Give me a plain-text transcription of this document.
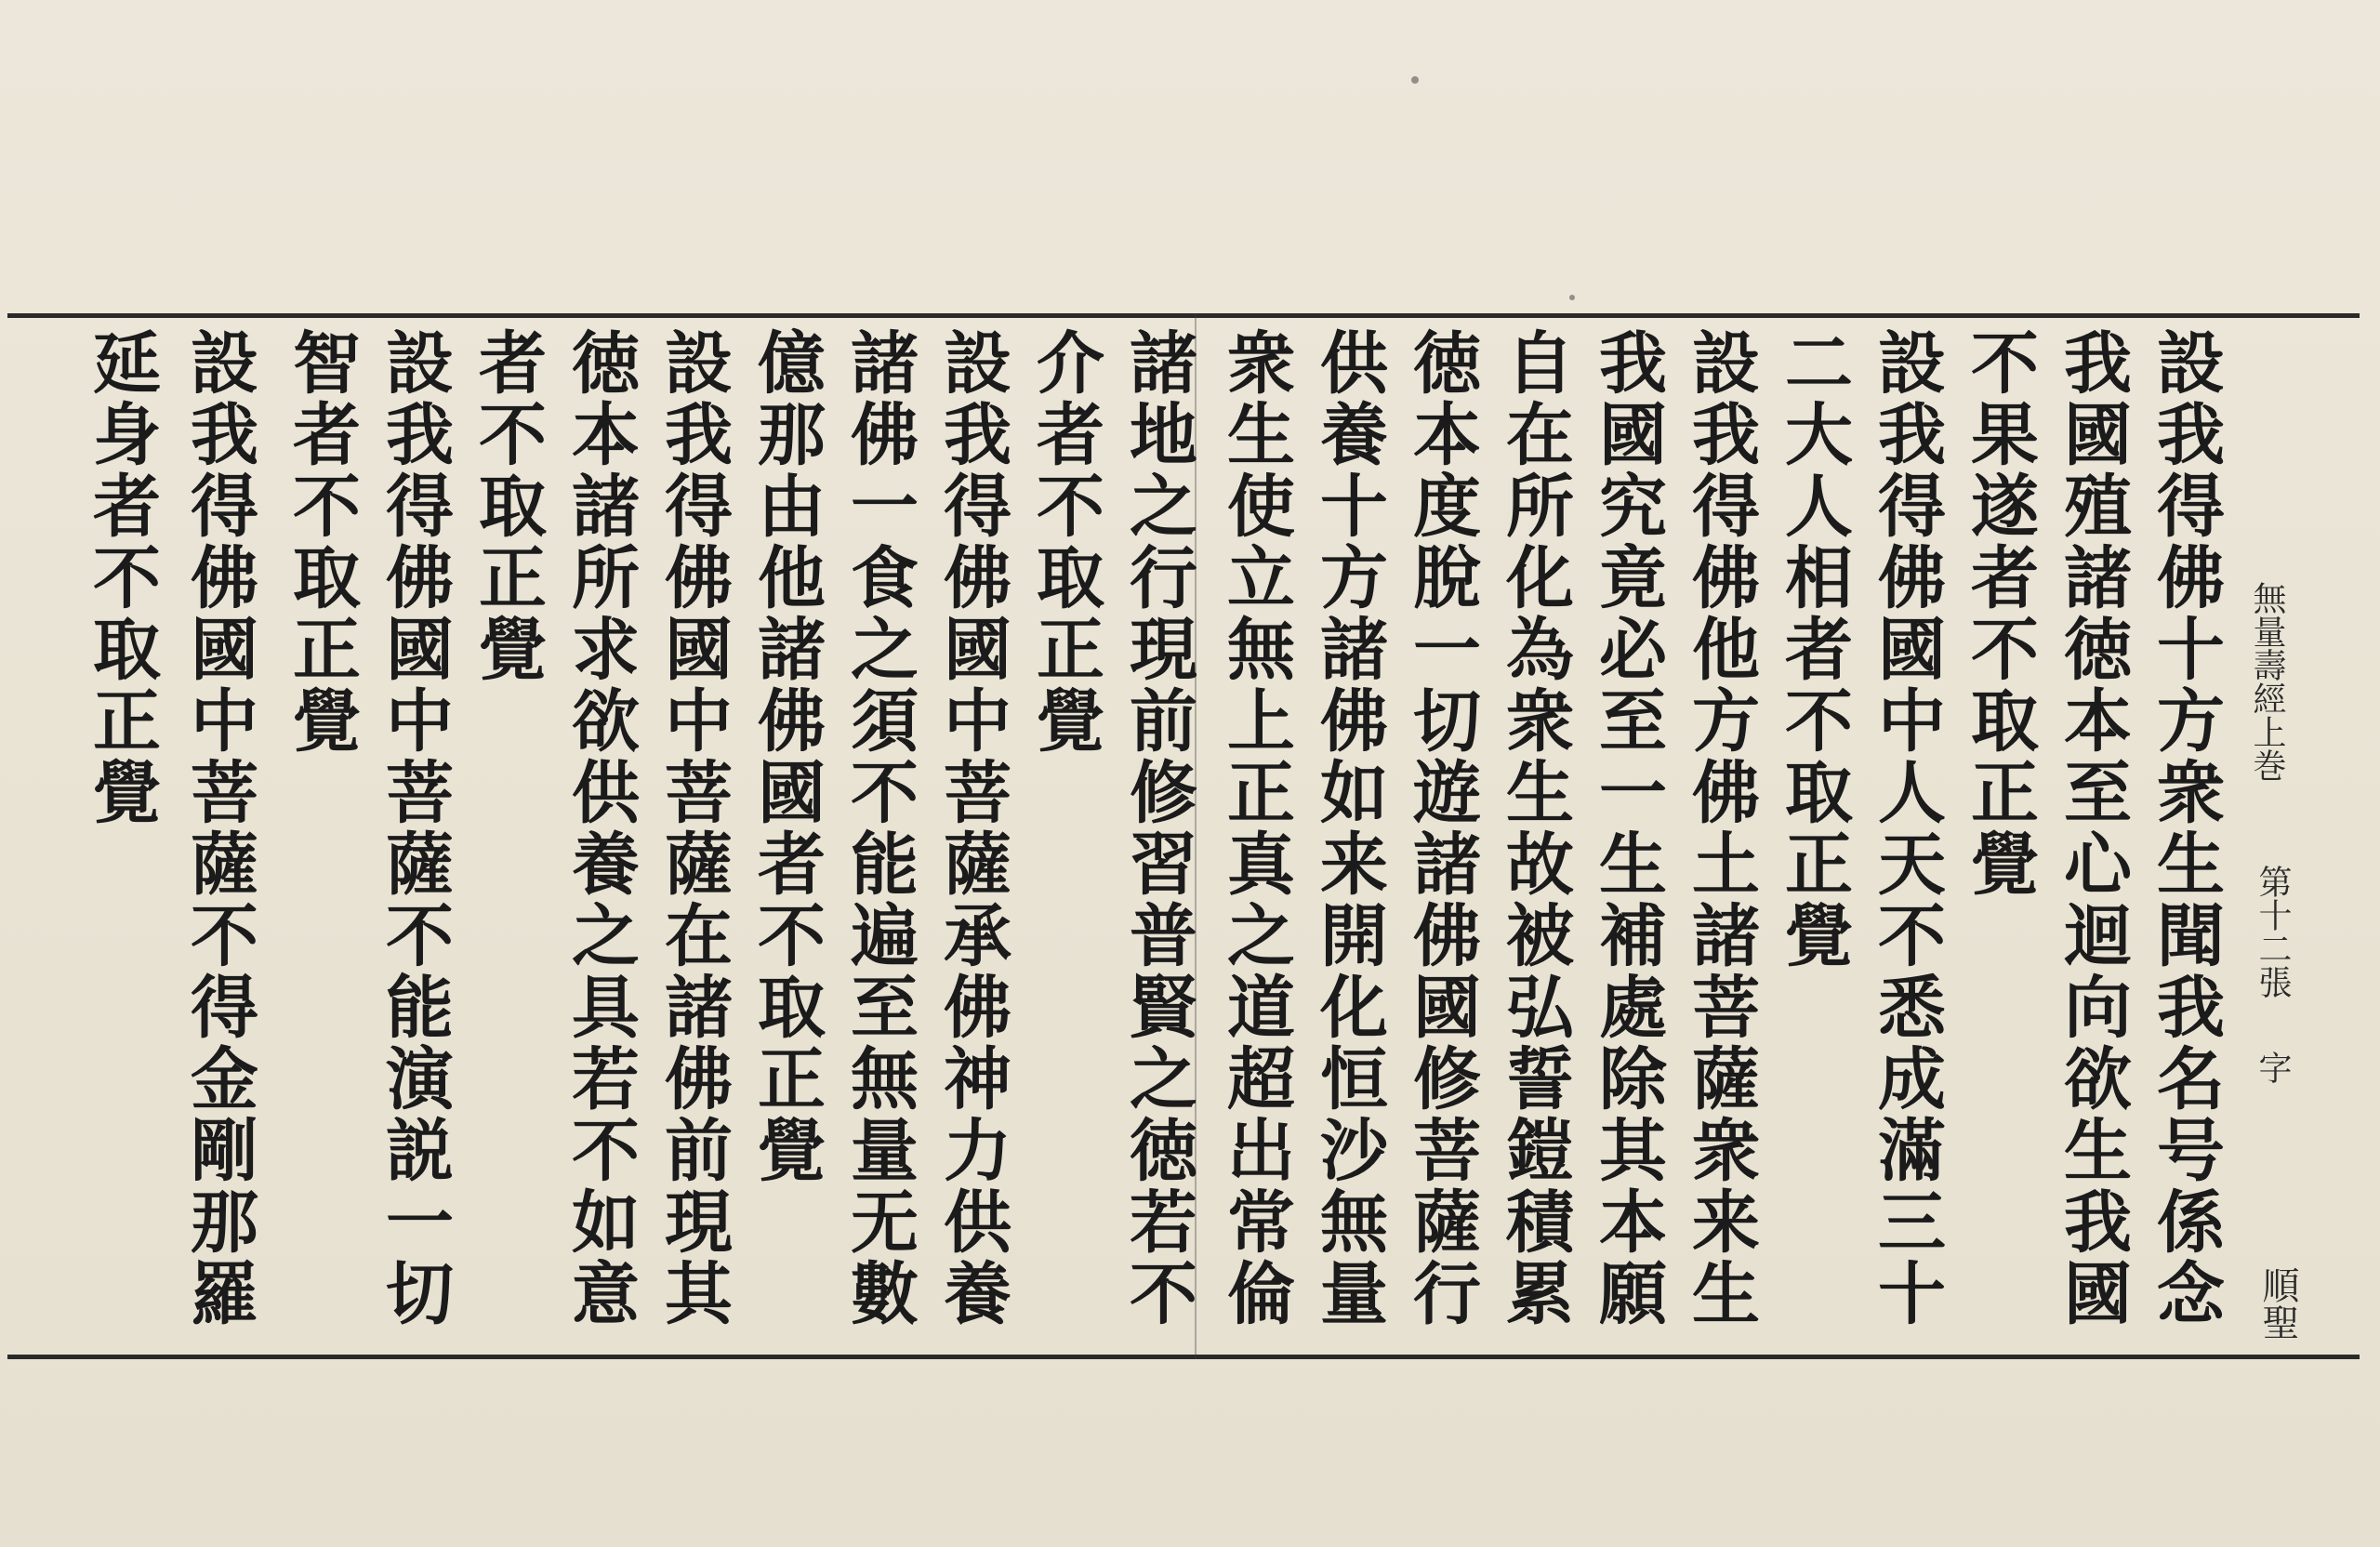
無量壽經上巻
第十二張
字
順聖
設我得佛十方衆生聞我名号係念
我國殖諸徳本至心迴向欲生我國
不果遂者不取正覺
設我得佛國中人天不悉成滿三十
二大人相者不取正覺
設我得佛他方佛土諸菩薩衆来生
我國究竟必至一生補處除其本願
自在所化為衆生故被弘誓鎧積累
徳本度脫一切遊諸佛國修菩薩行
供養十方諸佛如来開化恒沙無量
衆生使立無上正真之道超出常倫
諸地之行現前修習普賢之徳若不
介者不取正覺
設我得佛國中菩薩承佛神力供養
諸佛一食之須不能遍至無量无數
億那由他諸佛國者不取正覺
設我得佛國中菩薩在諸佛前現其
徳本諸所求欲供養之具若不如意
者不取正覺
設我得佛國中菩薩不能演説一切
智者不取正覺
設我得佛國中菩薩不得金剛那羅
延身者不取正覺
